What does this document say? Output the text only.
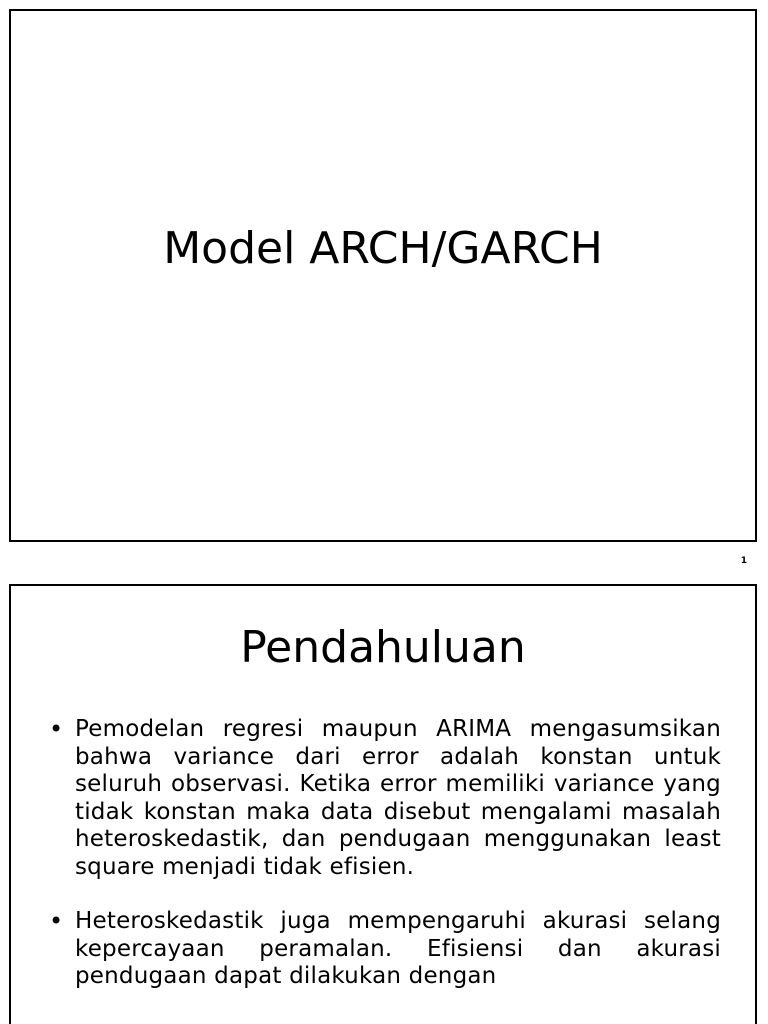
Model ARCH/GARCH
1
Pendahuluan
• Pemodelan regresi maupun ARIMA mengasumsikan bahwa variance dari error adalah konstan untuk seluruh observasi. Ketika error memiliki variance yang tidak konstan maka data disebut mengalami masalah heteroskedastik, dan pendugaan menggunakan least square menjadi tidak efisien.
• Heteroskedastik juga mempengaruhi akurasi selang kepercayaan peramalan. Efisiensi dan akurasi pendugaan dapat dilakukan dengan
